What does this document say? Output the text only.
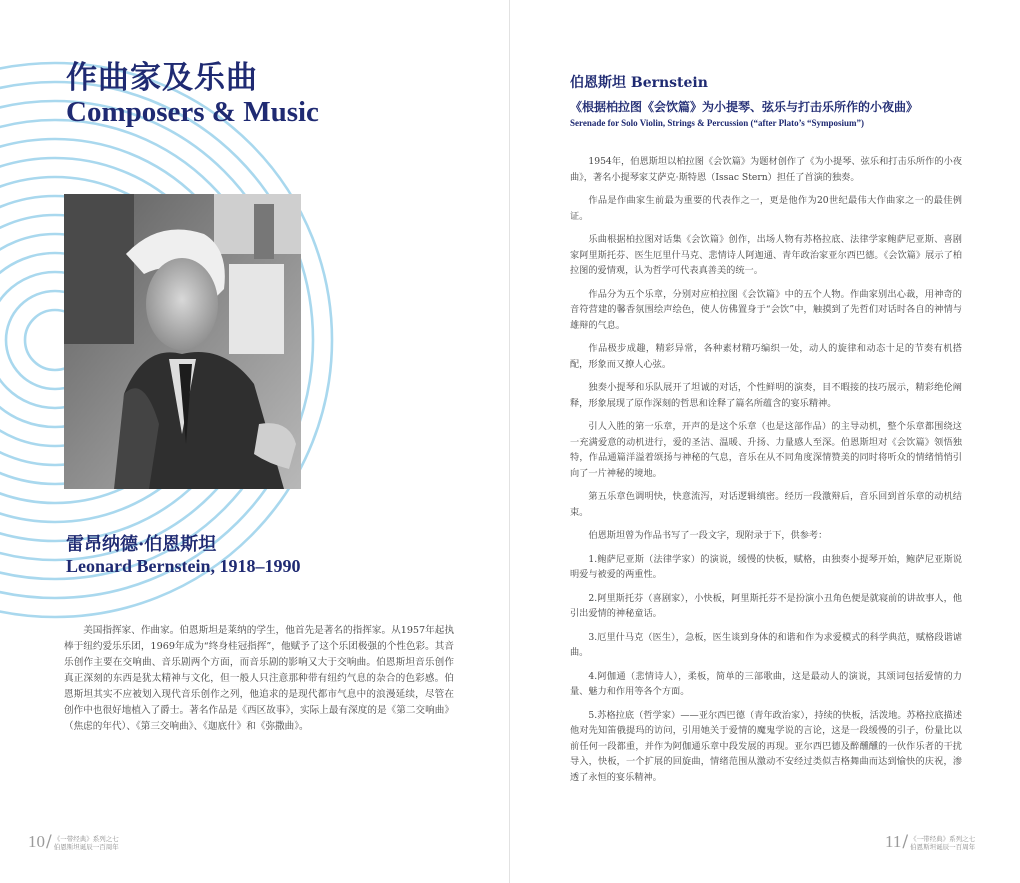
作曲家及乐曲
Composers & Music
雷昂纳德·伯恩斯坦
Leonard Bernstein, 1918–1990

美国指挥家、作曲家。伯恩斯坦是莱纳的学生，他首先是著名的指挥家。从1957年起执棒于纽约爱乐乐团，1969年成为“终身桂冠指挥”，他赋予了这个乐团极强的个性色彩。其音乐创作主要在交响曲、音乐剧两个方面，而音乐剧的影响又大于交响曲。伯恩斯坦音乐创作真正深刻的东西是犹太精神与文化，但一般人只注意那种带有纽约气息的杂合的色彩感。伯恩斯坦其实不应被划入现代音乐创作之列，他追求的是现代都市气息中的浪漫延续，尽管在创作中也很好地植入了爵士。著名作品是《西区故事》，实际上最有深度的是《第二交响曲》（焦虑的年代）、《第三交响曲》、《迦底什》和《弥撒曲》。

10 / 《一带经典》系列之七
伯恩斯坦诞辰一百周年
伯恩斯坦 Bernstein
《根据柏拉图《会饮篇》为小提琴、弦乐与打击乐所作的小夜曲》
Serenade for Solo Violin, Strings & Percussion (“after Plato’s “Symposium”)

1954年，伯恩斯坦以柏拉图《会饮篇》为题材创作了《为小提琴、弦乐和打击乐所作的小夜曲》，著名小提琴家艾萨克·斯特恩（Issac Stern）担任了首演的独奏。

作品是作曲家生前最为重要的代表作之一，更是他作为20世纪最伟大作曲家之一的最佳例证。

乐曲根据柏拉图对话集《会饮篇》创作，出场人物有苏格拉底、法律学家鲍萨尼亚斯、喜剧家阿里斯托芬、医生厄里什马克、悲情诗人阿迦通、青年政治家亚尔西巴德。《会饮篇》展示了柏拉图的爱情观，认为哲学可代表真善美的统一。

作品分为五个乐章，分别对应柏拉图《会饮篇》中的五个人物。作曲家别出心裁，用神奇的音符营建的馨香氛围绘声绘色，使人仿佛置身于“会饮”中，触摸到了先哲们对话时各自的神情与雄辩的气息。

作品极步成趣，精彩异常，各种素材精巧编织一处，动人的旋律和动态十足的节奏有机搭配，形象而又撩人心弦。

独奏小提琴和乐队展开了坦诚的对话，个性鲜明的演奏，目不暇接的技巧展示，精彩绝伦阐释，形象展现了原作深刻的哲思和诠释了篇名所蕴含的宴乐精神。

引人入胜的第一乐章，开声的是这个乐章（也是这部作品）的主导动机，整个乐章都围绕这一充满爱意的动机进行，爱的圣洁、温暖、升扬、力量感人至深。伯恩斯坦对《会饮篇》领悟独特，作品通篇洋溢着颂扬与神秘的气息，音乐在从不同角度深情赞美的同时将听众的情绪悄悄引向了一片神秘的境地。

第五乐章色调明快，快意流泻，对话逻辑缜密。经历一段激辩后，音乐回到首乐章的动机结束。

伯恩斯坦曾为作品书写了一段文字，现附录于下，供参考：

1.鲍萨尼亚斯（法律学家）的演说，缓慢的快板，赋格，由独奏小提琴开始，鲍萨尼亚斯说明爱与被爱的两重性。

2.阿里斯托芬（喜剧家），小快板，阿里斯托芬不是扮演小丑角色便是就寝前的讲故事人，他引出爱情的神秘童话。

3.厄里什马克（医生），急板，医生谈到身体的和谐和作为求爱模式的科学典范，赋格段谐谑曲。

4.阿伽通（悲情诗人），柔板，简单的三部歌曲，这是最动人的演说，其颂词包括爱情的力量、魅力和作用等各个方面。

5.苏格拉底（哲学家）——亚尔西巴德（青年政治家），持续的快板，活泼地。苏格拉底描述他对先知笛俄提玛的访问，引用她关于爱情的魔鬼学说的言论，这是一段缓慢的引子，份量比以前任何一段都重，并作为阿伽通乐章中段发展的再现。亚尔西巴德及醉醺醺的一伙作乐者的干扰导入，快板，一个扩展的回旋曲，情绪范围从激动不安经过类似吉格舞曲而达到愉快的庆祝，渗透了永恒的宴乐精神。

11 / 《一带经典》系列之七
伯恩斯坦诞辰一百周年
